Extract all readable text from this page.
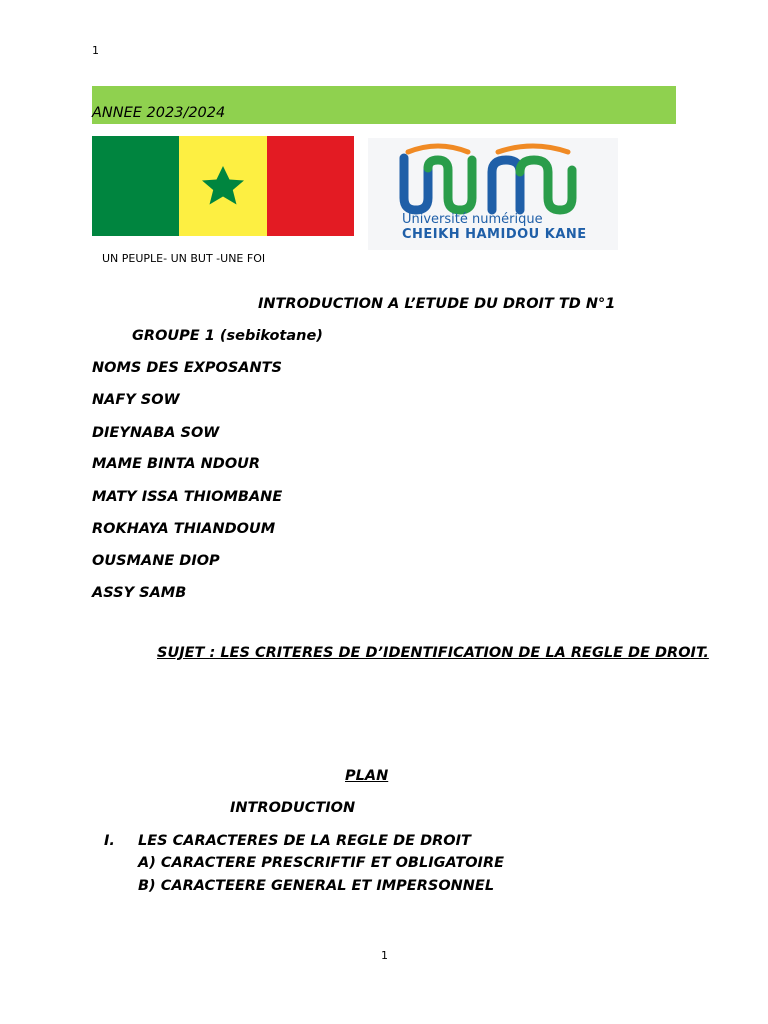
1
ANNEE 2023/2024
Université numérique
CHEIKH HAMIDOU KANE
UN PEUPLE- UN BUT -UNE FOI
INTRODUCTION A L’ETUDE DU DROIT TD N°1
GROUPE 1 (sebikotane)
NOMS DES EXPOSANTS
NAFY SOW
DIEYNABA SOW
MAME BINTA NDOUR
MATY ISSA THIOMBANE
ROKHAYA THIANDOUM
OUSMANE DIOP
ASSY SAMB
SUJET : LES CRITERES DE D’IDENTIFICATION DE LA REGLE DE DROIT.
PLAN
INTRODUCTION
I. LES CARACTERES DE LA REGLE DE DROIT
A) CARACTERE PRESCRIFTIF ET OBLIGATOIRE
B) CARACTEERE GENERAL ET IMPERSONNEL
1
